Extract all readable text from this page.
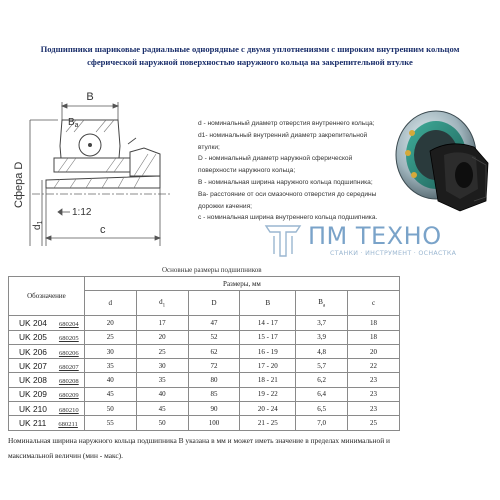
Подшипники шариковые радиальные однорядные с двумя уплотнениями с широким внутренним кольцом
сферической наружной поверхностью наружного кольца на закрепительной втулке
B
$B_a$
Сфера D
1:12
$d_1$
c
d - номинальный диаметр отверстия внутреннего кольца;
d1- номинальный внутренний диаметр закрепительной
втулки;
D - номинальный диаметр наружной сферической
поверхности наружного кольца;
B - номинальная ширина наружного кольца подшипника;
Ba- расстояние от оси смазочного отверстия до середины
дорожки качения;
с - номинальная ширина внутреннего кольца подшипника.
ПМ ТЕХНО
СТАНКИ · ИНСТРУМЕНТ · ОСНАСТКА
Основные размеры подшипников
Обозначение	Размеры, мм					
	d	$d_1$	D	B	$B_a$	c
UK 204 680204	20	17	47	14 - 17	3,7	18
UK 205 680205	25	20	52	15 - 17	3,9	18
UK 206 680206	30	25	62	16 - 19	4,8	20
UK 207 680207	35	30	72	17 - 20	5,7	22
UK 208 680208	40	35	80	18 - 21	6,2	23
UK 209 680209	45	40	85	19 - 22	6,4	23
UK 210 680210	50	45	90	20 - 24	6,5	23
UK 211 680211	55	50	100	21 - 25	7,0	25
Номинальная ширина наружного кольца подшипника B указана в мм и может иметь значение в пределах минимальной и
максимальной величин (мин - макс).
